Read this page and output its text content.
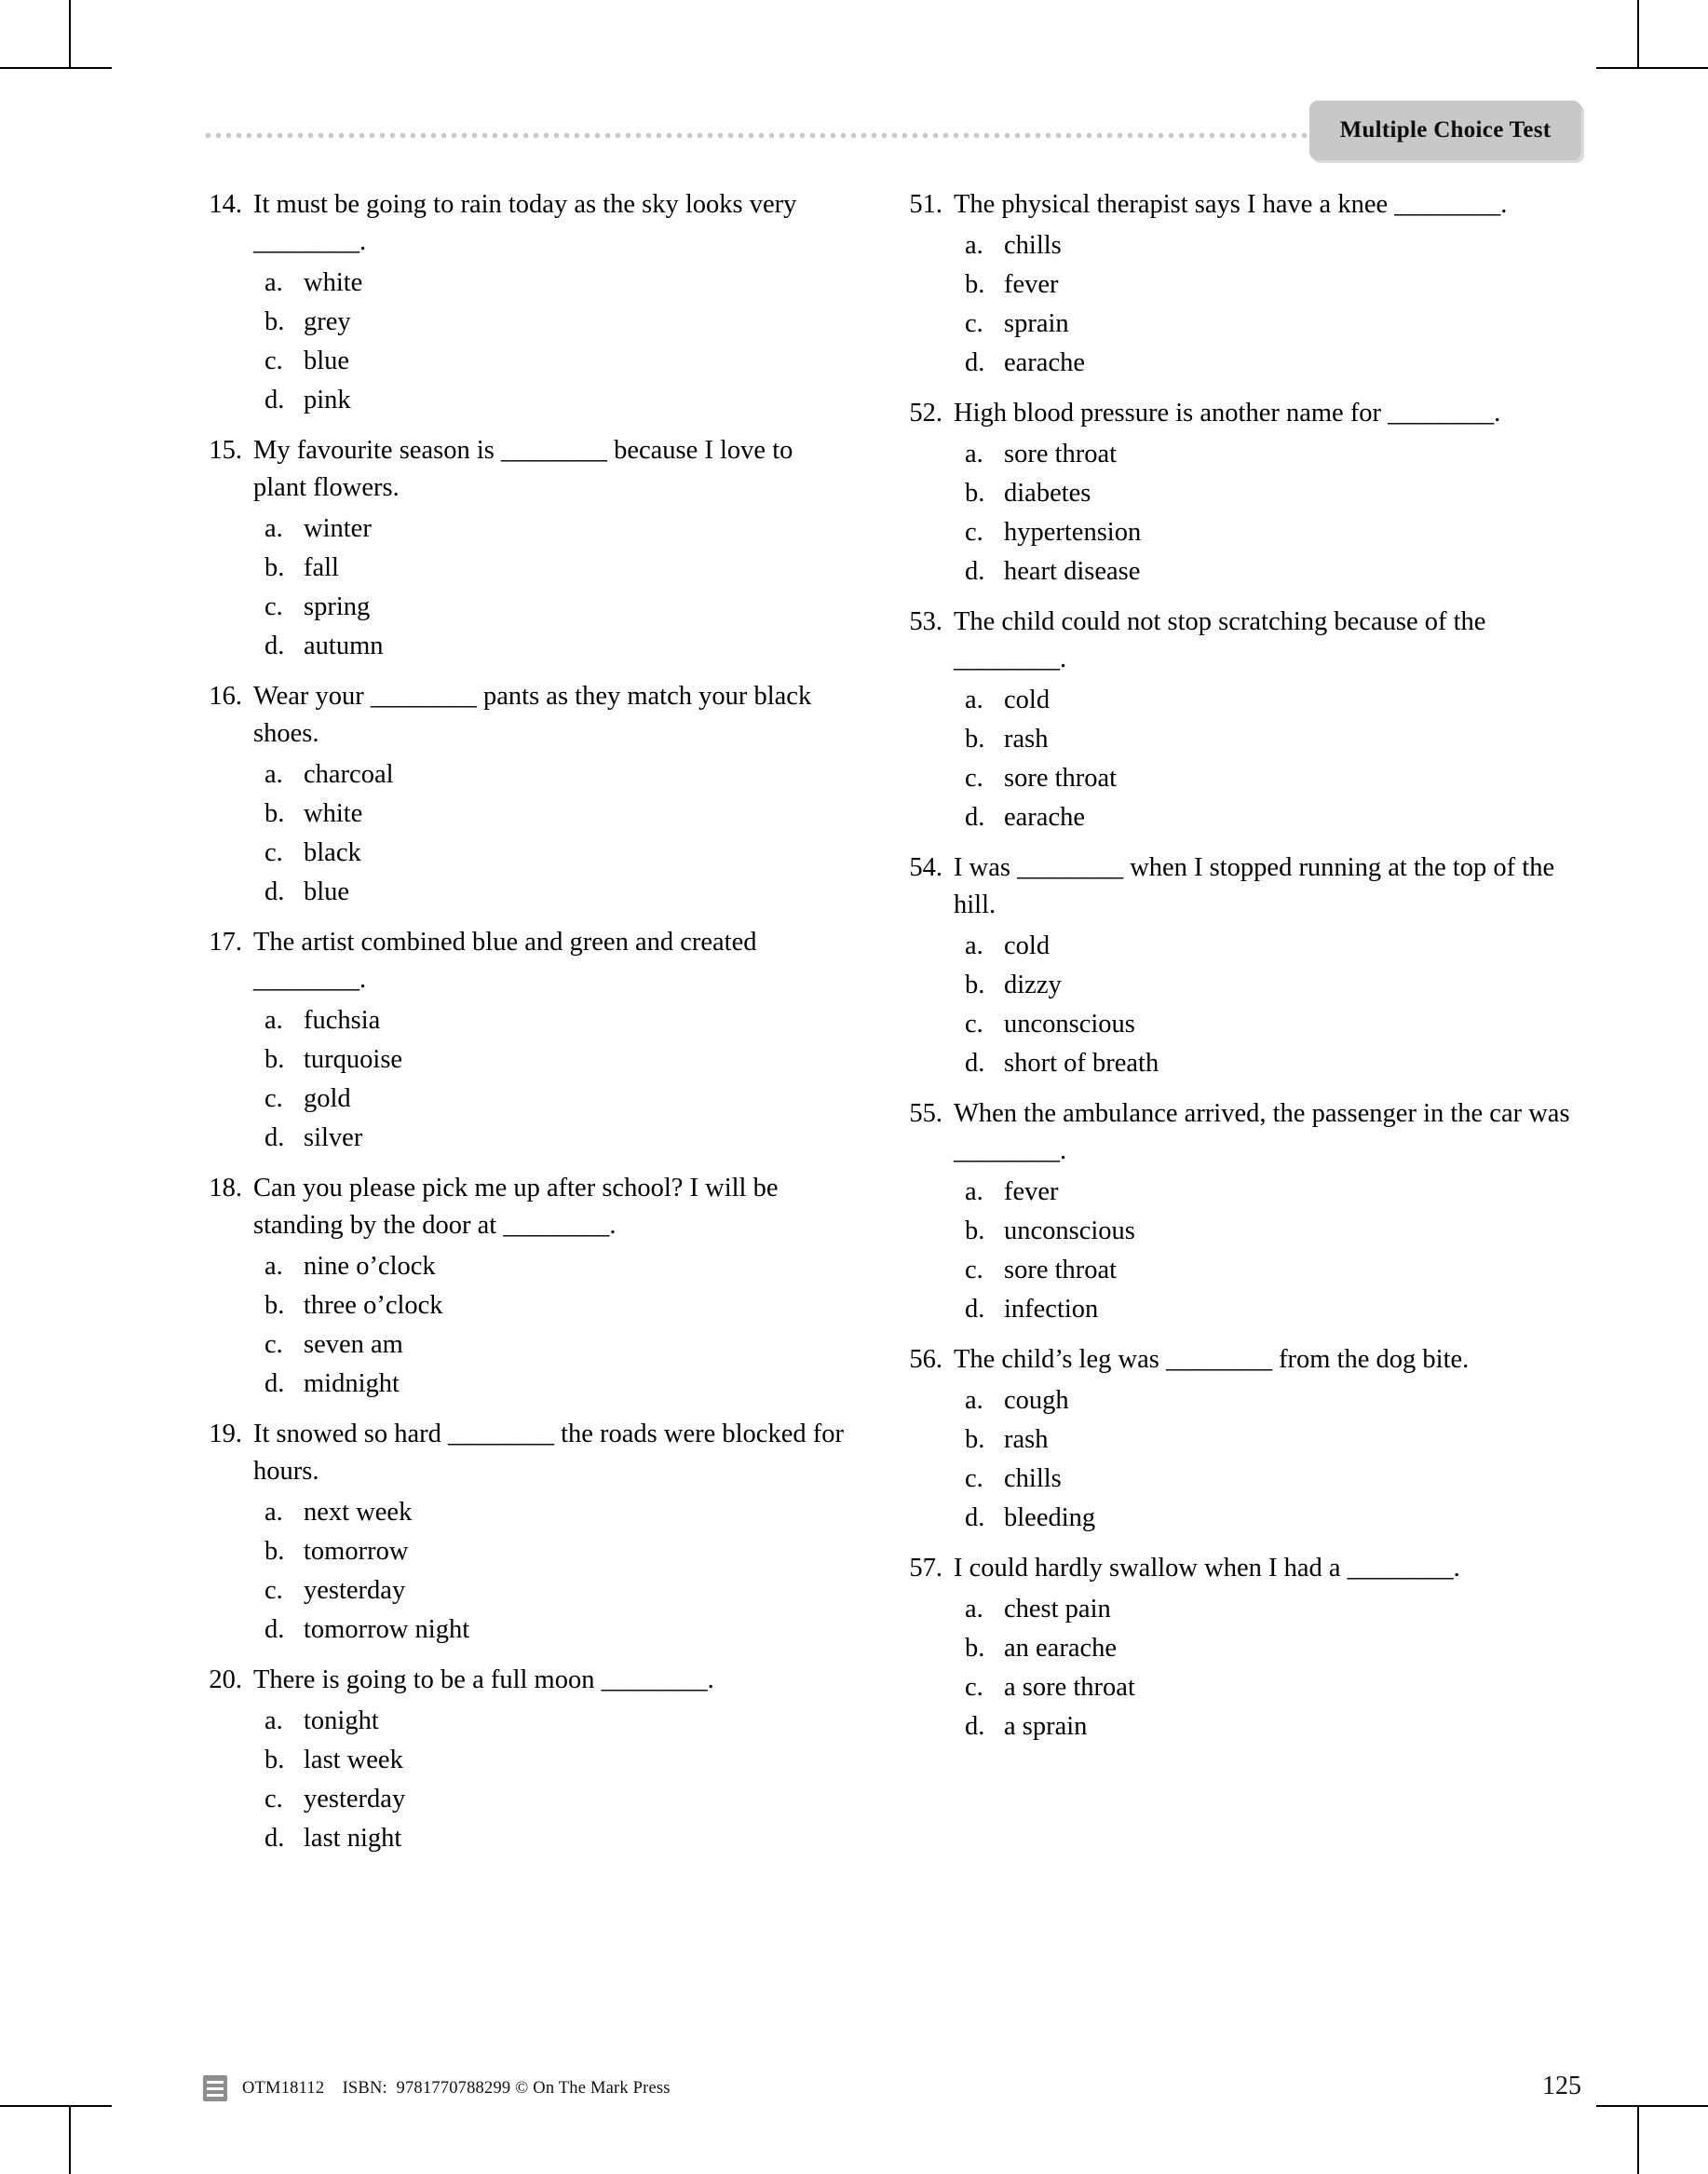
Multiple Choice Test
14. It must be going to rain today as the sky looks very ________.
a. white
b. grey
c. blue
d. pink
15. My favourite season is ________ because I love to plant flowers.
a. winter
b. fall
c. spring
d. autumn
16. Wear your ________ pants as they match your black shoes.
a. charcoal
b. white
c. black
d. blue
17. The artist combined blue and green and created ________.
a. fuchsia
b. turquoise
c. gold
d. silver
18. Can you please pick me up after school? I will be standing by the door at ________.
a. nine o’clock
b. three o’clock
c. seven am
d. midnight
19. It snowed so hard ________ the roads were blocked for hours.
a. next week
b. tomorrow
c. yesterday
d. tomorrow night
20. There is going to be a full moon ________.
a. tonight
b. last week
c. yesterday
d. last night
51. The physical therapist says I have a knee ________.
a. chills
b. fever
c. sprain
d. earache
52. High blood pressure is another name for ________.
a. sore throat
b. diabetes
c. hypertension
d. heart disease
53. The child could not stop scratching because of the ________.
a. cold
b. rash
c. sore throat
d. earache
54. I was ________ when I stopped running at the top of the hill.
a. cold
b. dizzy
c. unconscious
d. short of breath
55. When the ambulance arrived, the passenger in the car was ________.
a. fever
b. unconscious
c. sore throat
d. infection
56. The child’s leg was ________ from the dog bite.
a. cough
b. rash
c. chills
d. bleeding
57. I could hardly swallow when I had a ________.
a. chest pain
b. an earache
c. a sore throat
d. a sprain
OTM18112    ISBN:  9781770788299 © On The Mark Press	125
